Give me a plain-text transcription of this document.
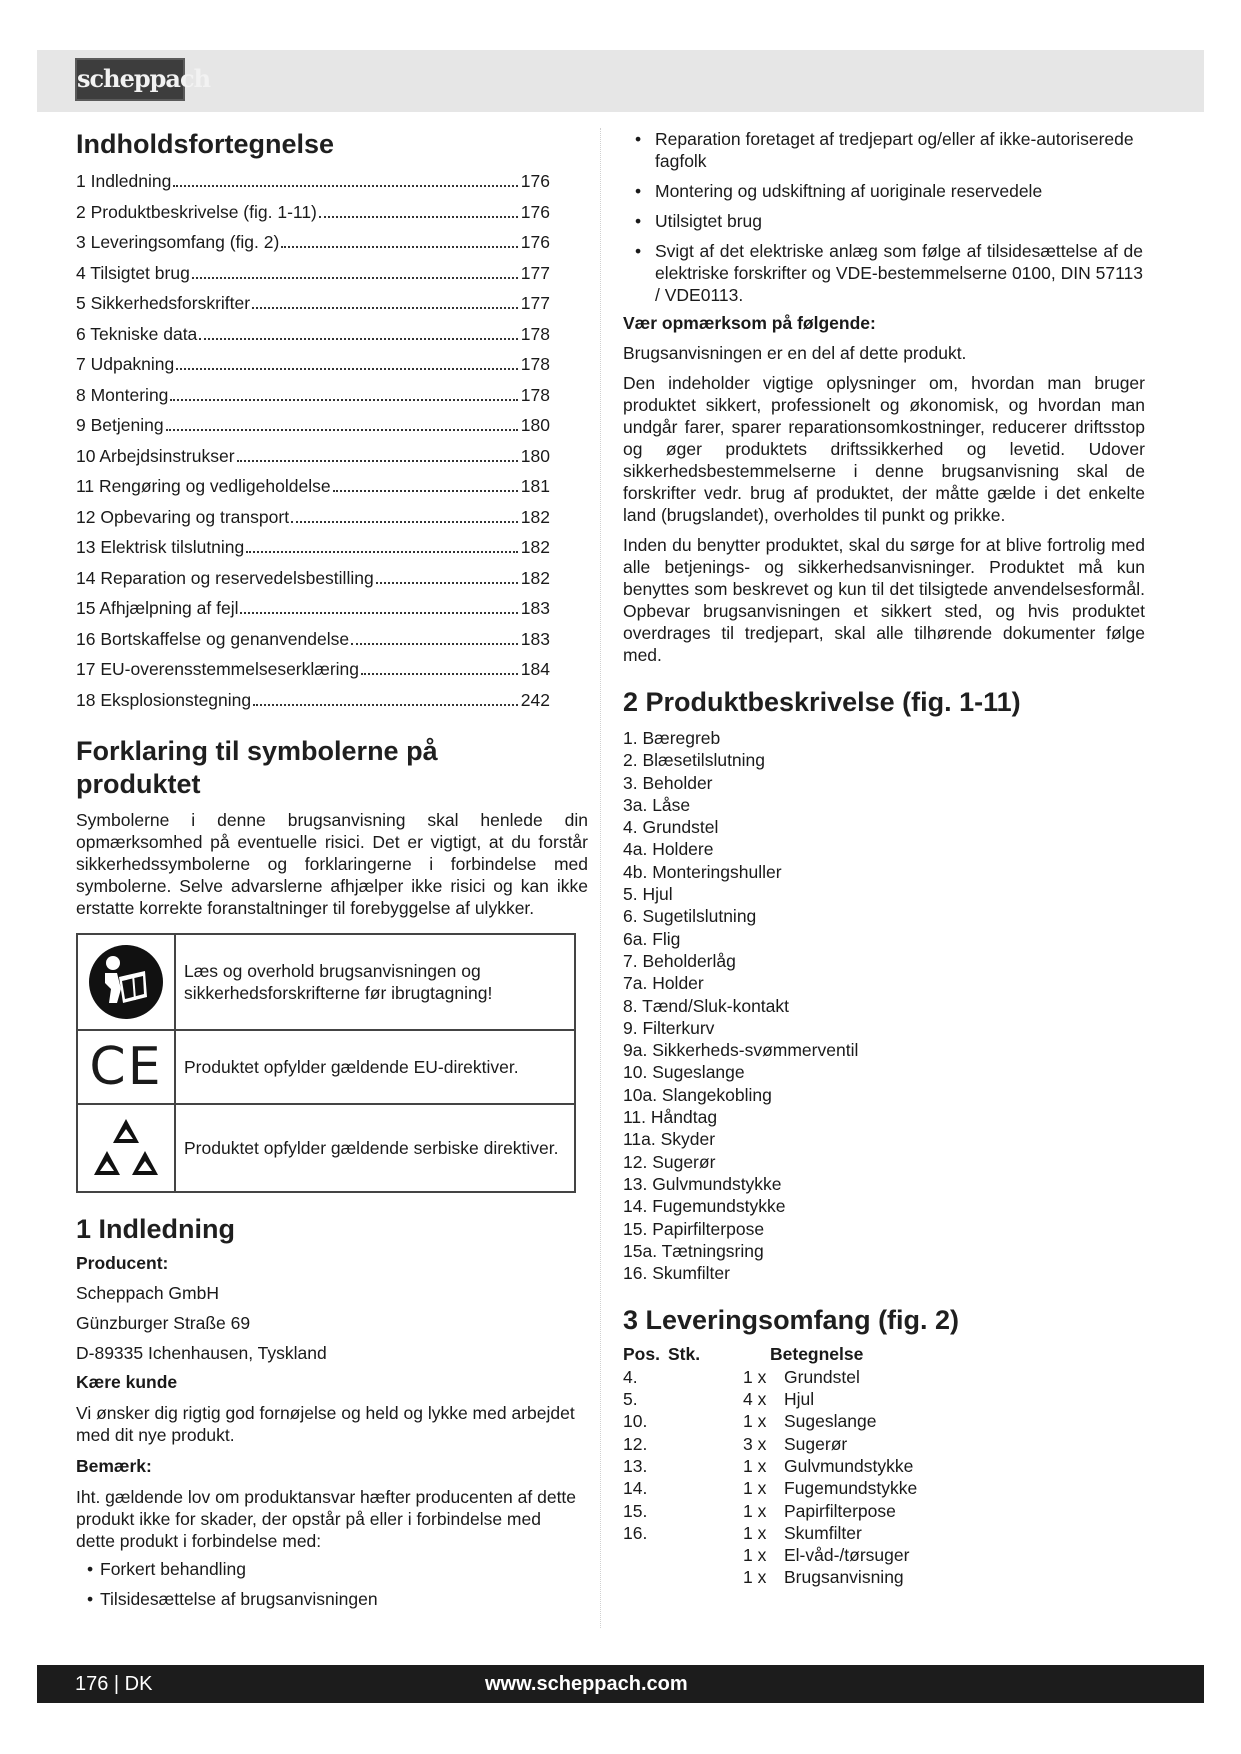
scheppach
Indholdsfortegnelse
1 Indledning	176
2 Produktbeskrivelse (fig. 1-11)	176
3 Leveringsomfang (fig. 2)	176
4 Tilsigtet brug	177
5 Sikkerhedsforskrifter	177
6 Tekniske data	178
7 Udpakning	178
8 Montering	178
9 Betjening	180
10 Arbejdsinstrukser	180
11 Rengøring og vedligeholdelse	181
12 Opbevaring og transport	182
13 Elektrisk tilslutning	182
14 Reparation og reservedelsbestilling	182
15 Afhjælpning af fejl	183
16 Bortskaffelse og genanvendelse	183
17 EU-overensstemmelseserklæring	184
18 Eksplosionstegning	242
Forklaring til symbolerne på
produktet

Symbolerne i denne brugsanvisning skal henlede din opmærksomhed på eventuelle risici. Det er vigtigt, at du forstår sikkerhedssymbolerne og forklaringerne i forbindelse med symbolerne. Selve advarslerne afhjælper ikke risici og kan ikke erstatte korrekte foranstaltninger til forebyggelse af ulykker.

Læs og overhold brugsanvisningen og sikkerhedsforskrifterne før ibrugtagning!
CE	Produktet opfylder gældende EU-direktiver.
Produktet opfylder gældende serbiske direktiver.
1 Indledning

Producent:

Scheppach GmbH

Günzburger Straße 69

D-89335 Ichenhausen, Tyskland

Kære kunde

Vi ønsker dig rigtig god fornøjelse og held og lykke med arbejdet med dit nye produkt.

Bemærk:

Iht. gældende lov om produktansvar hæfter producenten af dette produkt ikke for skader, der opstår på eller i forbindelse med dette produkt i forbindelse med:

• Forkert behandling
• Tilsidesættelse af brugsanvisningen
• Reparation foretaget af tredjepart og/eller af ikke-autoriserede fagfolk
• Montering og udskiftning af uoriginale reservedele
• Utilsigtet brug
• Svigt af det elektriske anlæg som følge af tilsidesættelse af de elektriske forskrifter og VDE-bestemmelserne 0100, DIN 57113 / VDE0113.

Vær opmærksom på følgende:

Brugsanvisningen er en del af dette produkt.

Den indeholder vigtige oplysninger om, hvordan man bruger produktet sikkert, professionelt og økonomisk, og hvordan man undgår farer, sparer reparationsomkostninger, reducerer driftsstop og øger produktets driftssikkerhed og levetid. Udover sikkerhedsbestemmelserne i denne brugsanvisning skal de forskrifter vedr. brug af produktet, der måtte gælde i det enkelte land (brugslandet), overholdes til punkt og prikke.

Inden du benytter produktet, skal du sørge for at blive fortrolig med alle betjenings- og sikkerhedsanvisninger. Produktet må kun benyttes som beskrevet og kun til det tilsigtede anvendelsesformål. Opbevar brugsanvisningen et sikkert sted, og hvis produktet overdrages til tredjepart, skal alle tilhørende dokumenter følge med.

2 Produktbeskrivelse (fig. 1-11)
1. Bæregreb
2. Blæsetilslutning
3. Beholder
3a. Låse
4. Grundstel
4a. Holdere
4b. Monteringshuller
5. Hjul
6. Sugetilslutning
6a. Flig
7. Beholderlåg
7a. Holder
8. Tænd/Sluk-kontakt
9. Filterkurv
9a. Sikkerheds-svømmerventil
10. Sugeslange
10a. Slangekobling
11. Håndtag
11a. Skyder
12. Sugerør
13. Gulvmundstykke
14. Fugemundstykke
15. Papirfilterpose
15a. Tætningsring
16. Skumfilter
3 Leveringsomfang (fig. 2)
Pos.	Stk.	Betegnelse
4.	1 x	Grundstel
5.	4 x	Hjul
10.	1 x	Sugeslange
12.	3 x	Sugerør
13.	1 x	Gulvmundstykke
14.	1 x	Fugemundstykke
15.	1 x	Papirfilterpose
16.	1 x	Skumfilter
	1 x	El-våd-/tørsuger
	1 x	Brugsanvisning
176 | DK	www.scheppach.com
